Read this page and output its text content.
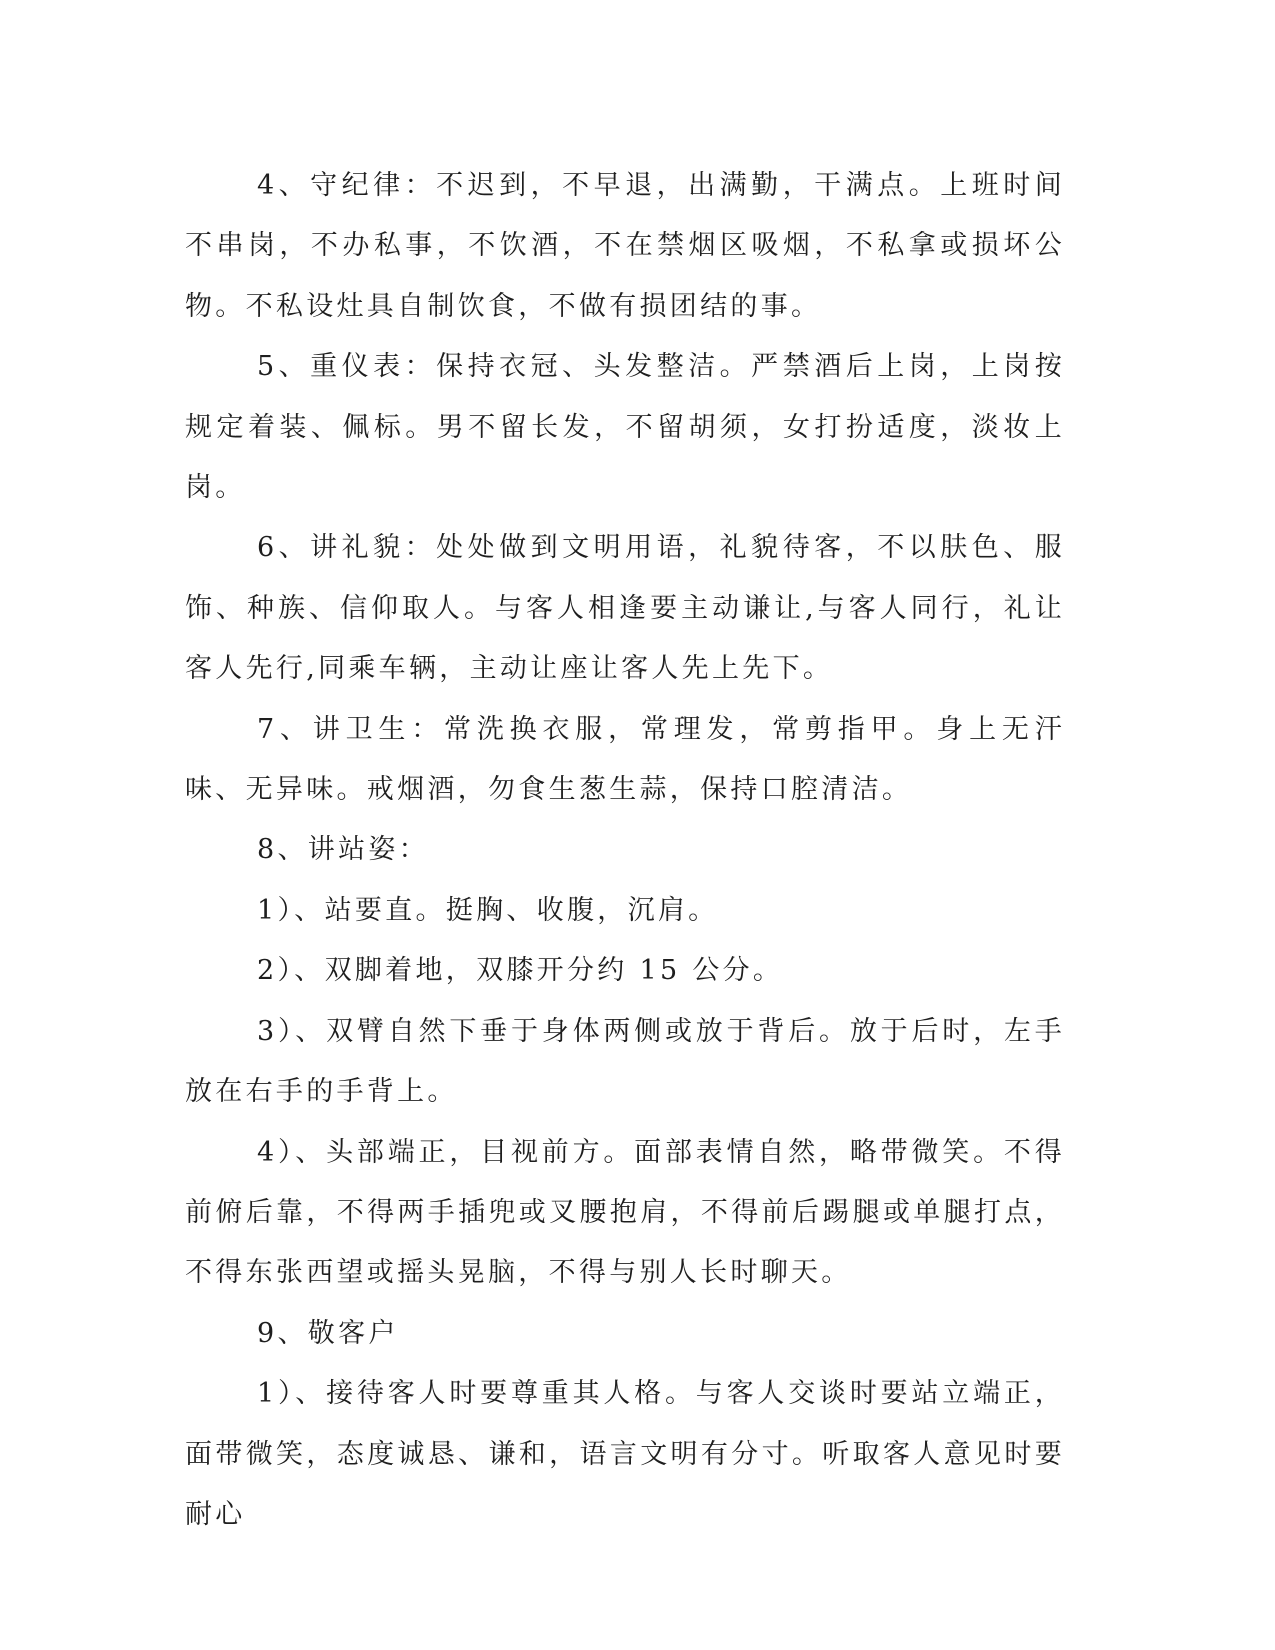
4、守纪律：不迟到，不早退，出满勤，干满点。上班时间不串岗，不办私事，不饮酒，不在禁烟区吸烟，不私拿或损坏公物。不私设灶具自制饮食，不做有损团结的事。

5、重仪表：保持衣冠、头发整洁。严禁酒后上岗，上岗按规定着装、佩标。男不留长发，不留胡须，女打扮适度，淡妆上岗。

6、讲礼貌：处处做到文明用语，礼貌待客，不以肤色、服饰、种族、信仰取人。与客人相逢要主动谦让,与客人同行，礼让客人先行,同乘车辆，主动让座让客人先上先下。

7、讲卫生：常洗换衣服，常理发，常剪指甲。身上无汗味、无异味。戒烟酒，勿食生葱生蒜，保持口腔清洁。

8、讲站姿：

1）、站要直。挺胸、收腹，沉肩。

2）、双脚着地，双膝开分约 15 公分。

3）、双臂自然下垂于身体两侧或放于背后。放于后时，左手放在右手的手背上。

4）、头部端正，目视前方。面部表情自然，略带微笑。不得前俯后靠，不得两手插兜或叉腰抱肩，不得前后踢腿或单腿打点，不得东张西望或摇头晃脑，不得与别人长时聊天。

9、敬客户

1）、接待客人时要尊重其人格。与客人交谈时要站立端正，面带微笑，态度诚恳、谦和，语言文明有分寸。听取客人意见时要耐心
